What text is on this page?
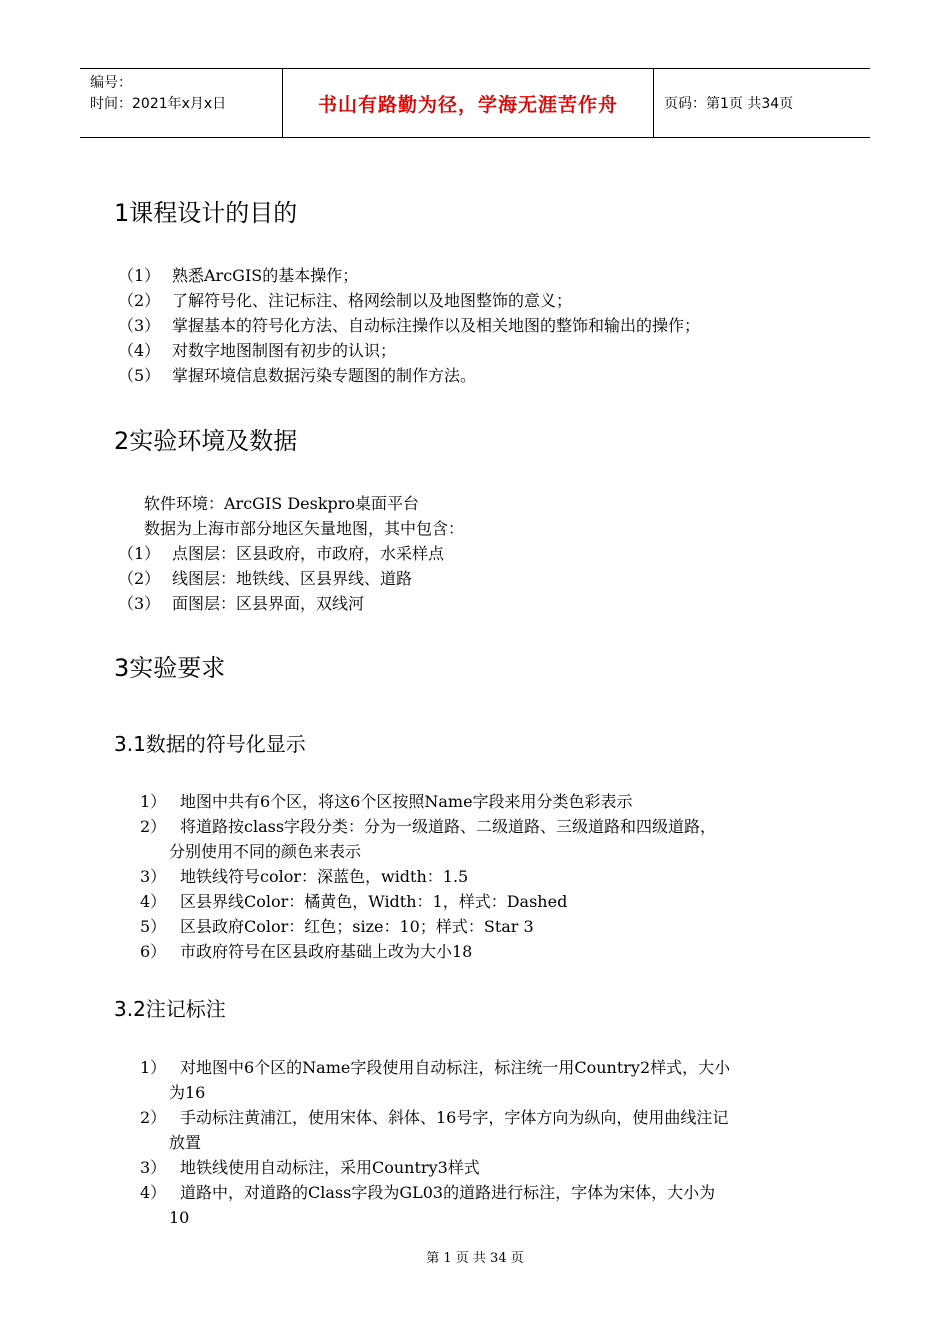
编号：
时间：2021年x月x日	书山有路勤为径，学海无涯苦作舟	页码：第1页 共34页
1课程设计的目的
（1） 熟悉ArcGIS的基本操作；
（2） 了解符号化、注记标注、格网绘制以及地图整饰的意义；
（3） 掌握基本的符号化方法、自动标注操作以及相关地图的整饰和输出的操作；
（4） 对数字地图制图有初步的认识；
（5） 掌握环境信息数据污染专题图的制作方法。
2实验环境及数据

软件环境：ArcGIS Deskpro桌面平台

数据为上海市部分地区矢量地图，其中包含：

（1） 点图层：区县政府，市政府，水采样点
（2） 线图层：地铁线、区县界线、道路
（3） 面图层：区县界面，双线河
3实验要求
3.1数据的符号化显示
1） 地图中共有6个区，将这6个区按照Name字段来用分类色彩表示
2） 将道路按class字段分类：分为一级道路、二级道路、三级道路和四级道路，
分别使用不同的颜色来表示
3） 地铁线符号color：深蓝色，width：1.5
4） 区县界线Color：橘黄色，Width：1，样式：Dashed
5） 区县政府Color：红色；size：10；样式：Star 3
6） 市政府符号在区县政府基础上改为大小18
3.2注记标注
1） 对地图中6个区的Name字段使用自动标注，标注统一用Country2样式，大小
为16
2） 手动标注黄浦江，使用宋体、斜体、16号字，字体方向为纵向，使用曲线注记
放置
3） 地铁线使用自动标注，采用Country3样式
4） 道路中，对道路的Class字段为GL03的道路进行标注，字体为宋体，大小为
10
第 1 页 共 34 页
